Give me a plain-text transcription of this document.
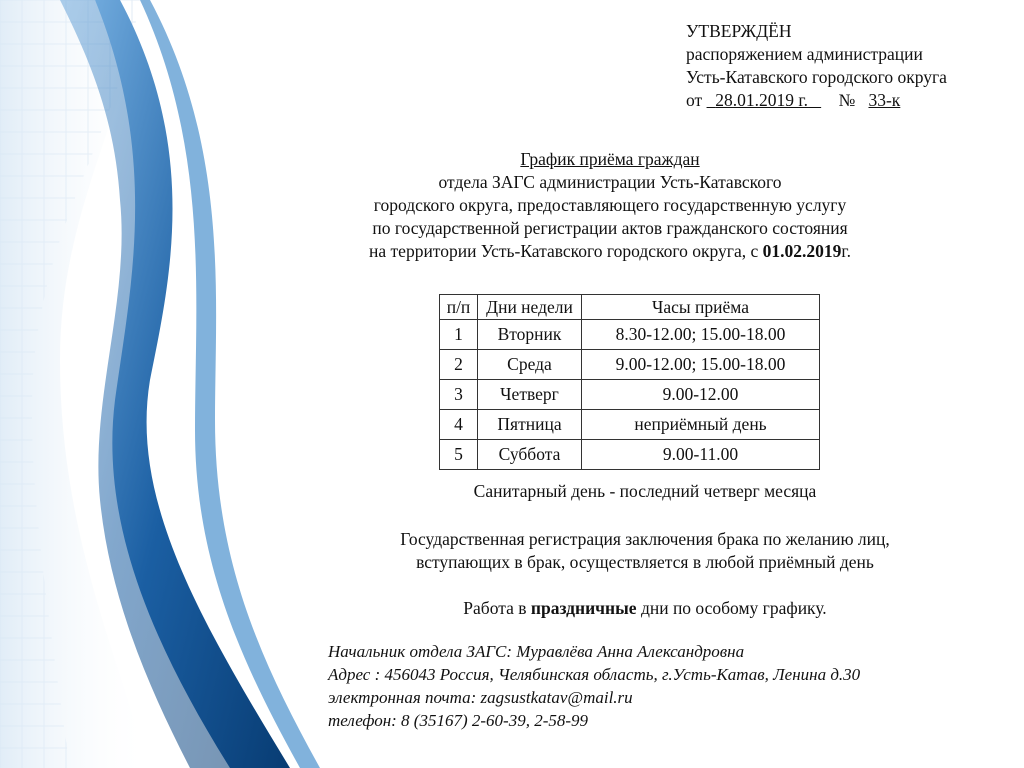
УТВЕРЖДЁН
распоряжением администрации
Усть-Катавского городского округа
от 28.01.2019 г. № 33-к
График приёма граждан
отдела ЗАГС администрации Усть-Катавского
городского округа, предоставляющего государственную услугу
по государственной регистрации актов гражданского состояния
на территории Усть-Катавского городского округа, с 01.02.2019г.
п/п	Дни недели	Часы приёма
1	Вторник	8.30-12.00; 15.00-18.00
2	Среда	9.00-12.00; 15.00-18.00
3	Четверг	9.00-12.00
4	Пятница	неприёмный день
5	Суббота	9.00-11.00
Санитарный день - последний четверг месяца
Государственная регистрация заключения брака по желанию лиц,
вступающих в брак, осуществляется в любой приёмный день
Работа в праздничные дни по особому графику.
Начальник отдела ЗАГС: Муравлёва Анна Александровна
Адрес : 456043 Россия, Челябинская область, г.Усть-Катав, Ленина д.30
электронная почта: zagsustkatav@mail.ru
телефон: 8 (35167) 2-60-39, 2-58-99
